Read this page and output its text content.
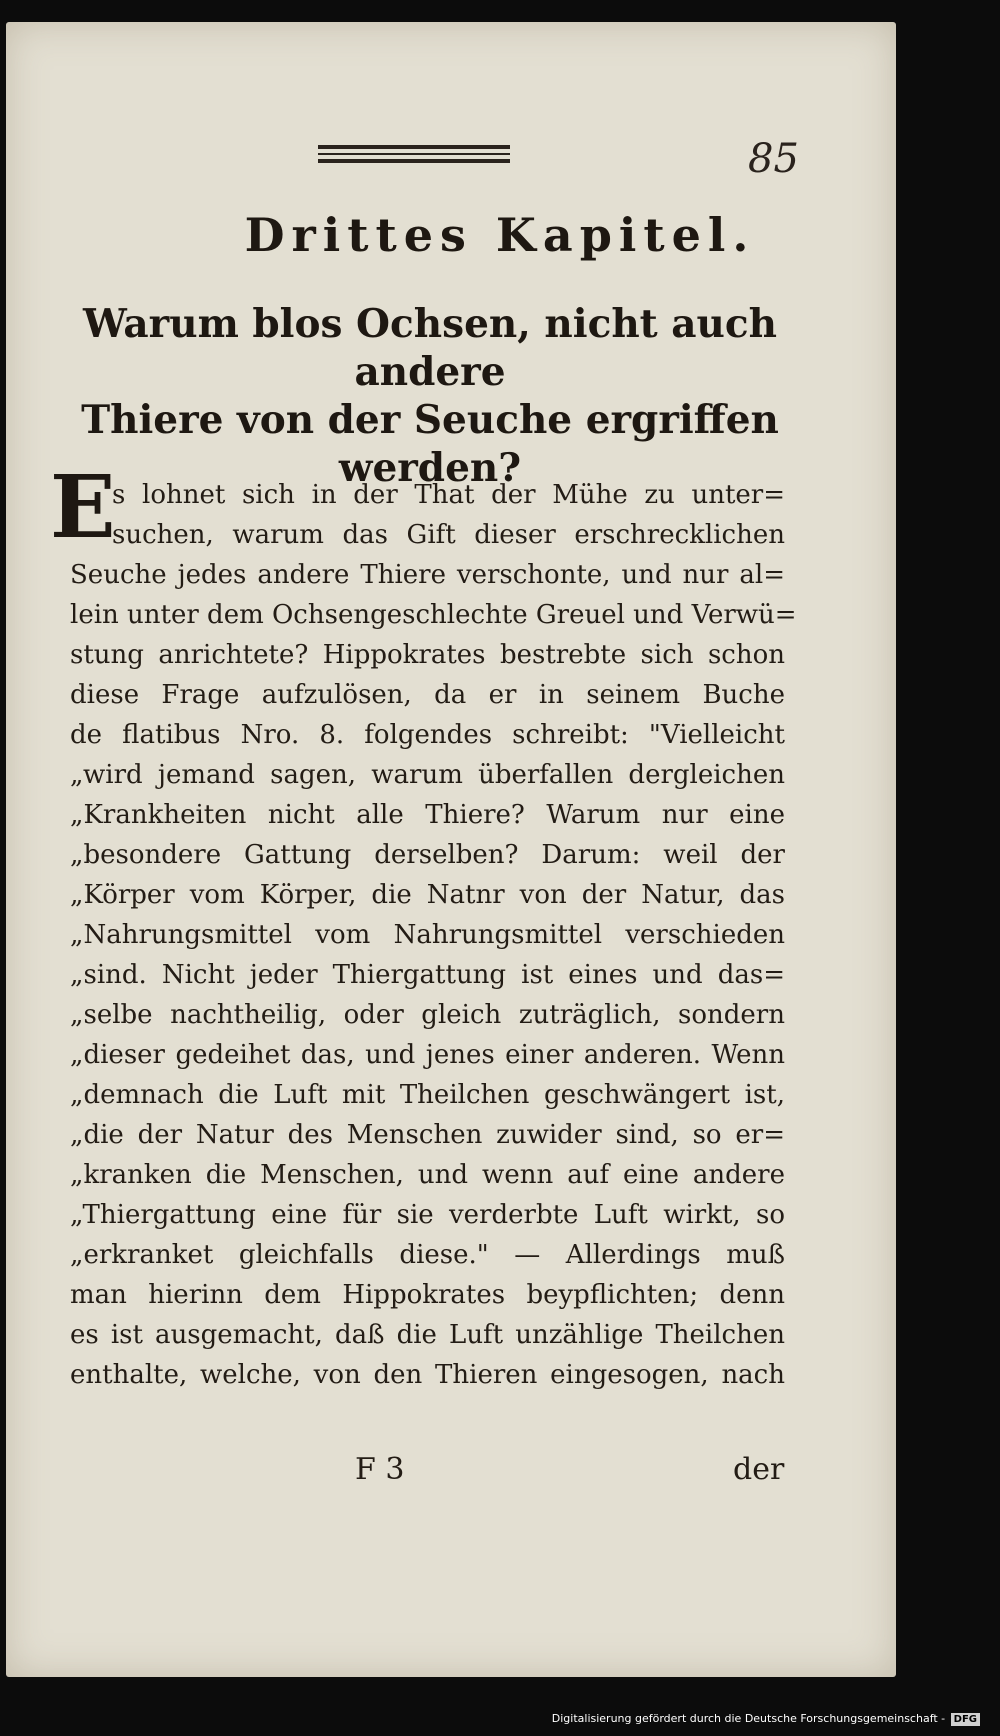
85
Drittes Kapitel.
Warum blos Ochsen, nicht auch andere
Thiere von der Seuche ergriffen
werden?
E
s lohnet sich in der That der Mühe zu unter=
suchen, warum das Gift dieser erschrecklichen
Seuche jedes andere Thiere verschonte, und nur al=
lein unter dem Ochsengeschlechte Greuel und Verwü=
stung anrichtete? Hippokrates bestrebte sich schon
diese Frage aufzulösen, da er in seinem Buche
de flatibus Nro. 8. folgendes schreibt: "Vielleicht
„wird jemand sagen, warum überfallen dergleichen
„Krankheiten nicht alle Thiere? Warum nur eine
„besondere Gattung derselben? Darum: weil der
„Körper vom Körper, die Natnr von der Natur, das
„Nahrungsmittel vom Nahrungsmittel verschieden
„sind. Nicht jeder Thiergattung ist eines und das=
„selbe nachtheilig, oder gleich zuträglich, sondern
„dieser gedeihet das, und jenes einer anderen. Wenn
„demnach die Luft mit Theilchen geschwängert ist,
„die der Natur des Menschen zuwider sind, so er=
„kranken die Menschen, und wenn auf eine andere
„Thiergattung eine für sie verderbte Luft wirkt, so
„erkranket gleichfalls diese." — Allerdings muß
man hierinn dem Hippokrates beypflichten; denn
es ist ausgemacht, daß die Luft unzählige Theilchen
enthalte, welche, von den Thieren eingesogen, nach
F 3	der
Digitalisierung gefördert durch die Deutsche Forschungsgemeinschaft - DFG
